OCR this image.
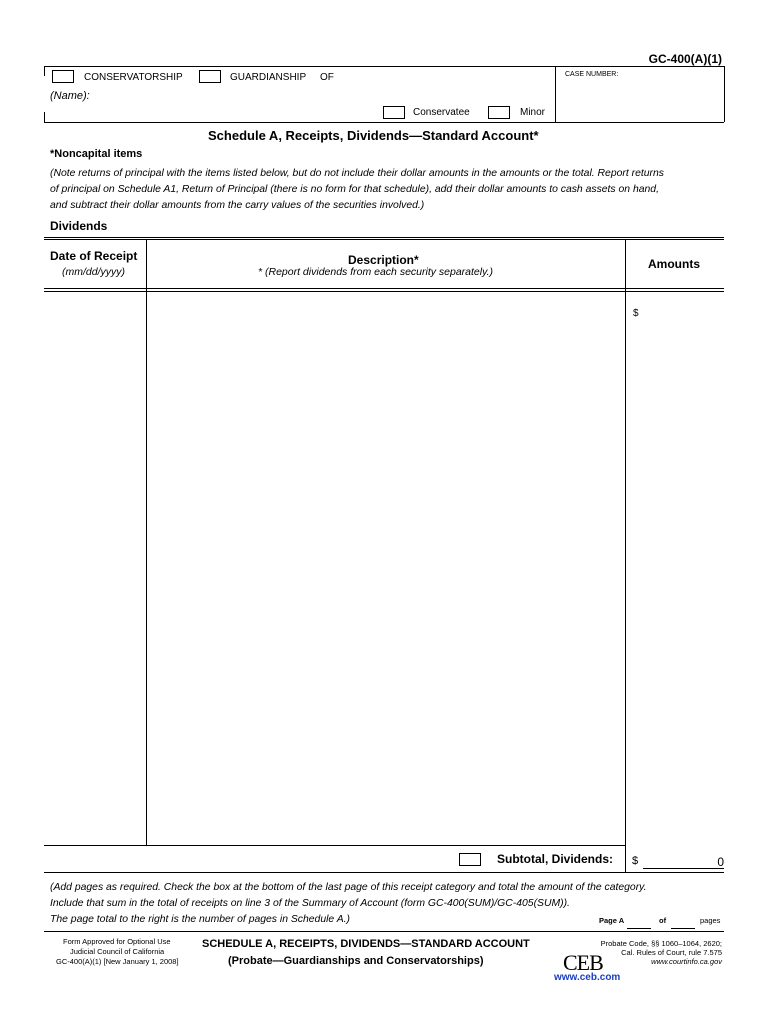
GC-400(A)(1)
CONSERVATORSHIP	GUARDIANSHIP OF
(Name):
Conservatee	Minor
CASE NUMBER:
Schedule A, Receipts, Dividends—Standard Account*
*Noncapital items
(Note returns of principal with the items listed below, but do not include their dollar amounts in the amounts or the total. Report returns
of principal on Schedule A1, Return of Principal (there is no form for that schedule), add their dollar amounts to cash assets on hand,
and subtract their dollar amounts from the carry values of the securities involved.)
Dividends
Date of Receipt
(mm/dd/yyyy)
Description*
* (Report dividends from each security separately.)
Amounts
$
Subtotal, Dividends: $	0
(Add pages as required. Check the box at the bottom of the last page of this receipt category and total the amount of the category.
Include that sum in the total of receipts on line 3 of the Summary of Account (form GC-400(SUM)/GC-405(SUM)).
The page total to the right is the number of pages in Schedule A.)	Page A	of	pages
Form Approved for Optional Use
Judicial Council of California
GC-400(A)(1) [New January 1, 2008]
SCHEDULE A, RECEIPTS, DIVIDENDS—STANDARD ACCOUNT
(Probate—Guardianships and Conservatorships)
Probate Code, §§ 1060–1064, 2620;
Cal. Rules of Court, rule 7.575
www.courtinfo.ca.gov
CEB
www.ceb.com
